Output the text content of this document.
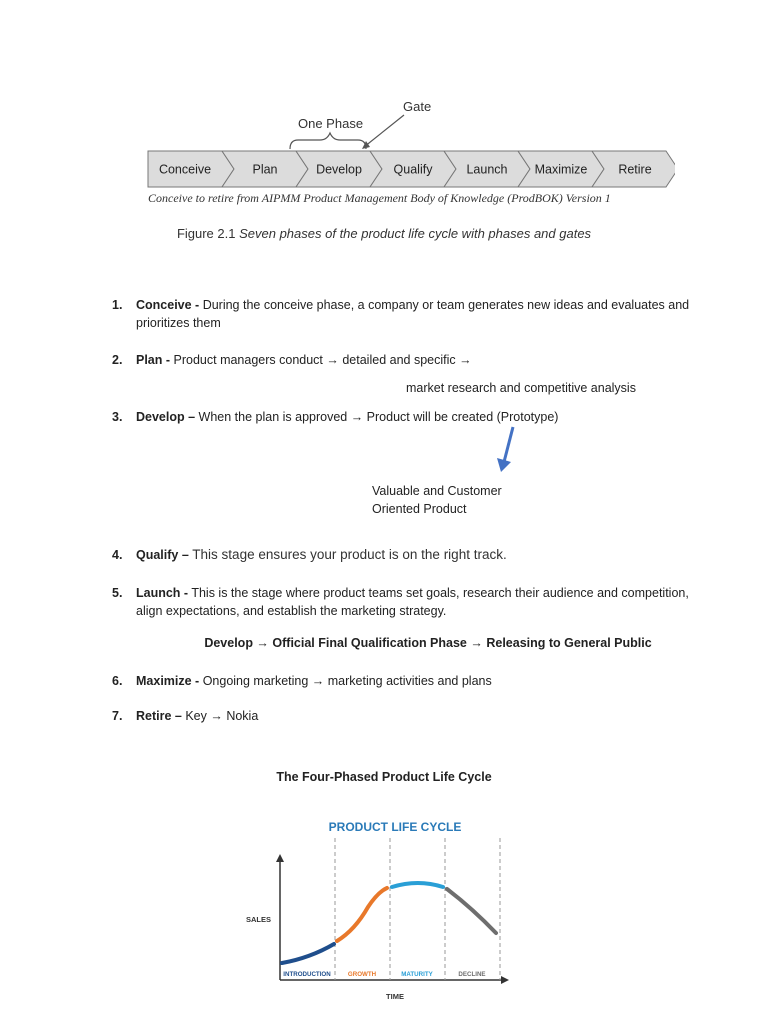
One Phase
Gate
Conceive	Plan	Develop	Qualify	Launch Maximize Retire
Conceive to retire from AIPMM Product Management Body of Knowledge (ProdBOK) Version 1
Figure 2.1 Seven phases of the product life cycle with phases and gates
1. Conceive - During the conceive phase, a company or team generates new ideas and evaluates and prioritizes them
2. Plan - Product managers conduct → detailed and specific →
market research and competitive analysis
3. Develop – When the plan is approved → Product will be created (Prototype)
Valuable and Customer
Oriented Product
4. Qualify – This stage ensures your product is on the right track.
5. Launch - This is the stage where product teams set goals, research their audience and competition, align expectations, and establish the marketing strategy.
Develop → Official Final Qualification Phase → Releasing to General Public
6. Maximize - Ongoing marketing → marketing activities and plans
7. Retire – Key → Nokia
The Four-Phased Product Life Cycle
PRODUCT LIFE CYCLE
SALES
INTRODUCTION	GROWTH	MATURITY	DECLINE
TIME
